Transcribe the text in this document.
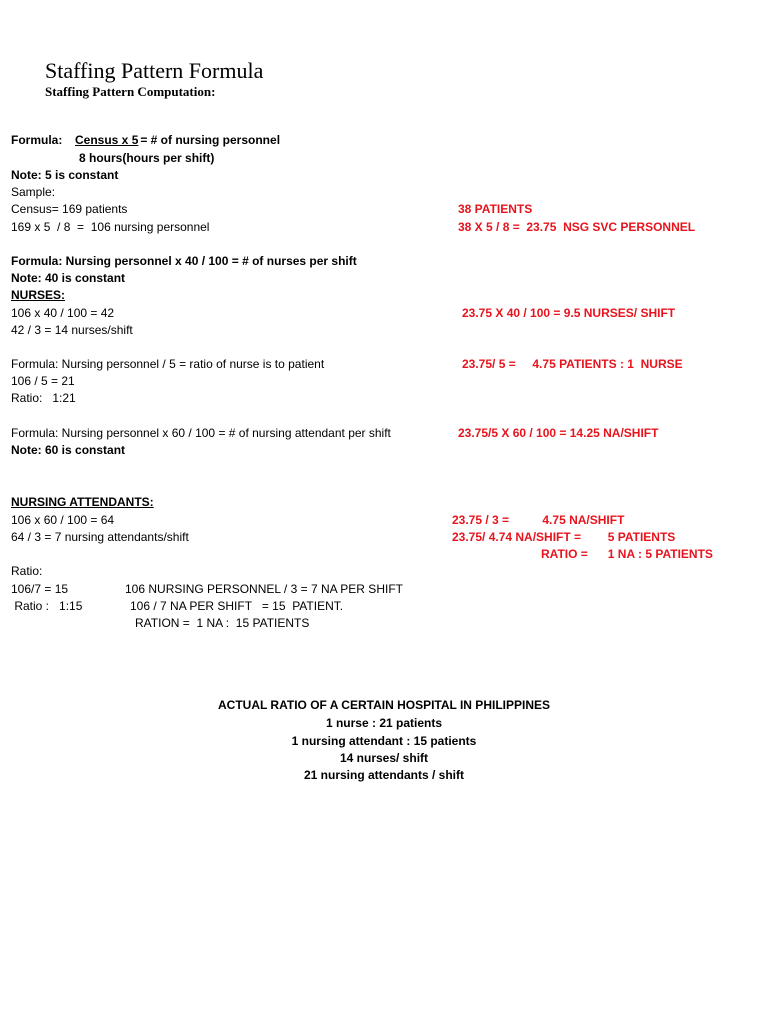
Staffing Pattern Formula
Staffing Pattern Computation:
Formula: Census x 5
= # of nursing personnel
8 hours(hours per shift)
Note: 5 is constant
Sample:
Census= 169 patients
169 x 5  / 8  =  106 nursing personnel
Formula: Nursing personnel x 40 / 100 = # of nurses per shift
Note: 40 is constant
NURSES:
106 x 40 / 100 = 42
42 / 3 = 14 nurses/shift
Formula: Nursing personnel / 5 = ratio of nurse is to patient
106 / 5 = 21
Ratio:   1:21
Formula: Nursing personnel x 60 / 100 = # of nursing attendant per shift
Note: 60 is constant
NURSING ATTENDANTS:
106 x 60 / 100 = 64
64 / 3 = 7 nursing attendants/shift
Ratio:
106/7 = 15
Ratio :   1:15
106 NURSING PERSONNEL / 3 = 7 NA PER SHIFT
106 / 7 NA PER SHIFT   = 15  PATIENT.
RATION =  1 NA :  15 PATIENTS
38 PATIENTS
38 X 5 / 8 =  23.75  NSG SVC PERSONNEL
23.75 X 40 / 100 = 9.5 NURSES/ SHIFT
23.75/ 5 =     4.75 PATIENTS : 1  NURSE
23.75/5 X 60 / 100 = 14.25 NA/SHIFT
23.75 / 3 =          4.75 NA/SHIFT
23.75/ 4.74 NA/SHIFT =        5 PATIENTS
RATIO =      1 NA : 5 PATIENTS
ACTUAL RATIO OF A CERTAIN HOSPITAL IN PHILIPPINES
1 nurse : 21 patients
1 nursing attendant : 15 patients
14 nurses/ shift
21 nursing attendants / shift
